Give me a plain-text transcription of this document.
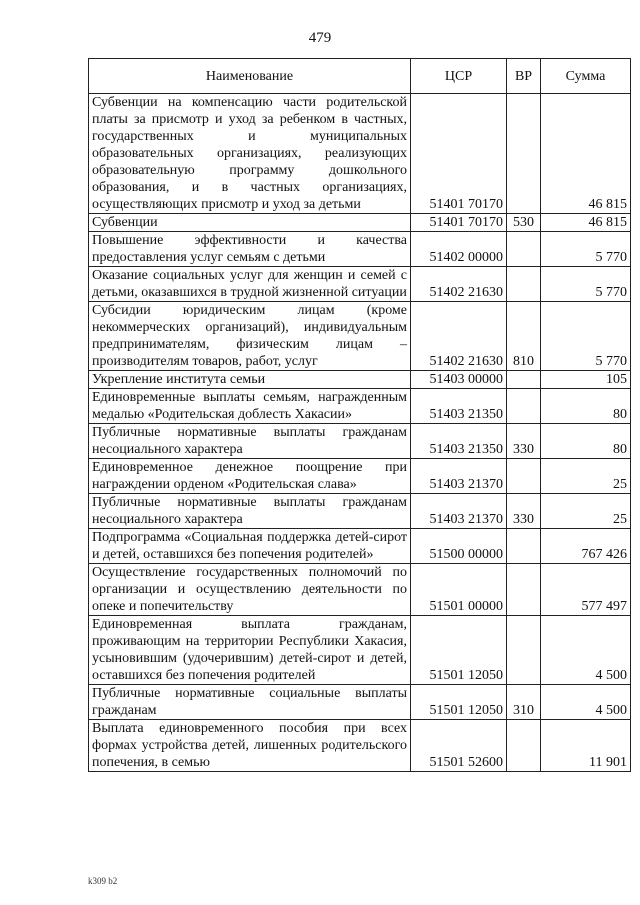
479
Наименование	ЦСР	ВР	Сумма
Субвенции на компенсацию части родительской платы за присмотр и уход за ребенком в частных, государственных и муниципальных образовательных организациях, реализующих образовательную программу дошкольного образования, и в частных организациях, осуществляющих присмотр и уход за детьми	51401 70170		46 815
Субвенции	51401 70170	530	46 815
Повышение эффективности и качества предоставления услуг семьям с детьми	51402 00000		5 770
Оказание социальных услуг для женщин и семей с детьми, оказавшихся в трудной жизненной ситуации	51402 21630		5 770
Субсидии юридическим лицам (кроме некоммерческих организаций), индивидуальным предпринимателям, физическим лицам – производителям товаров, работ, услуг	51402 21630	810	5 770
Укрепление института семьи	51403 00000		105
Единовременные выплаты семьям, награжденным медалью «Родительская доблесть Хакасии»	51403 21350		80
Публичные нормативные выплаты гражданам несоциального характера	51403 21350	330	80
Единовременное денежное поощрение при награждении орденом «Родительская слава»	51403 21370		25
Публичные нормативные выплаты гражданам несоциального характера	51403 21370	330	25
Подпрограмма «Социальная поддержка детей-сирот и детей, оставшихся без попечения родителей»	51500 00000		767 426
Осуществление государственных полномочий по организации и осуществлению деятельности по опеке и попечительству	51501 00000		577 497
Единовременная выплата гражданам, проживающим на территории Республики Хакасия, усыновившим (удочерившим) детей-сирот и детей, оставшихся без попечения родителей	51501 12050		4 500
Публичные нормативные социальные выплаты гражданам	51501 12050	310	4 500
Выплата единовременного пособия при всех формах устройства детей, лишенных родительского попечения, в семью	51501 52600		11 901
k309 b2
